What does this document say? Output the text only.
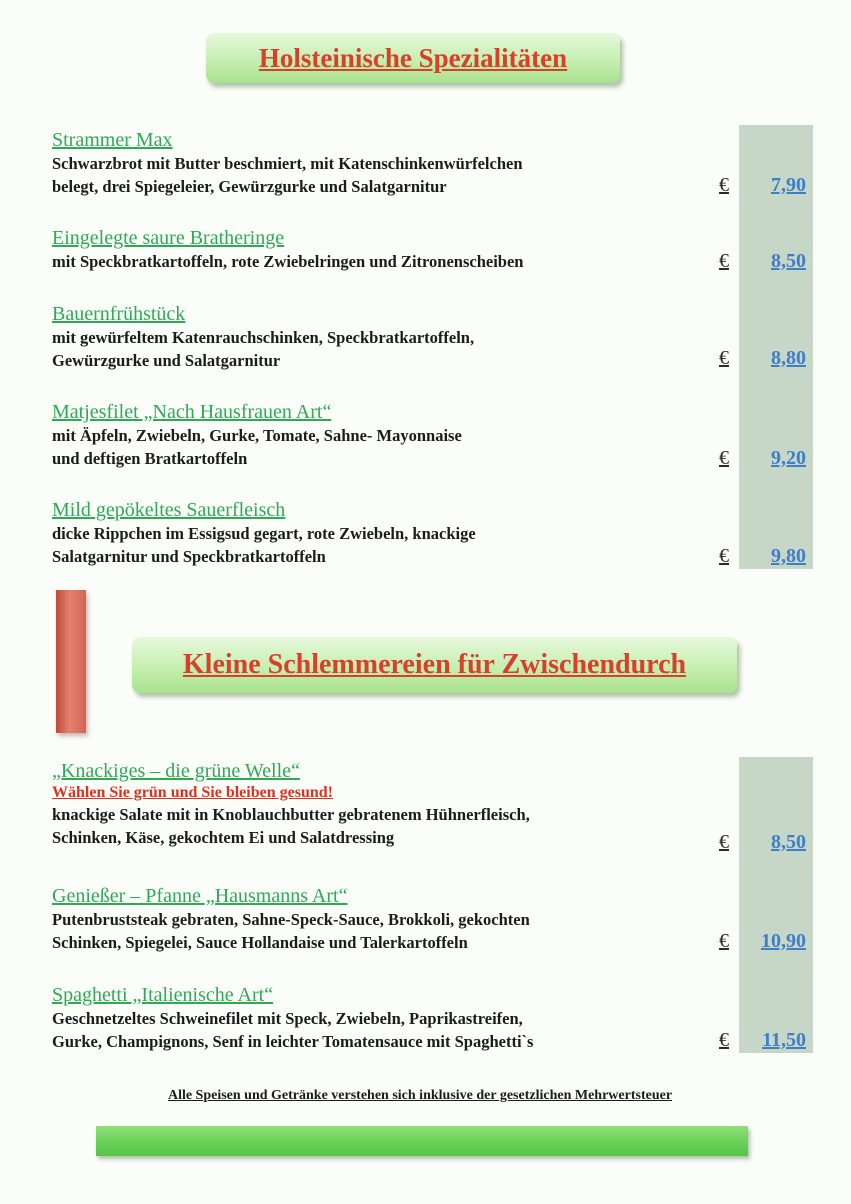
Holsteinische Spezialitäten
Strammer Max
Schwarzbrot mit Butter beschmiert, mit Katenschinkenwürfelchen
belegt, drei Spiegeleier, Gewürzgurke und Salatgarnitur	€	7,90
Eingelegte saure Bratheringe
mit Speckbratkartoffeln, rote Zwiebelringen und Zitronenscheiben	€	8,50
Bauernfrühstück
mit gewürfeltem Katenrauchschinken, Speckbratkartoffeln,
Gewürzgurke und Salatgarnitur	€	8,80
Matjesfilet „Nach Hausfrauen Art“
mit Äpfeln, Zwiebeln, Gurke, Tomate, Sahne- Mayonnaise
und deftigen Bratkartoffeln	€	9,20
Mild gepökeltes Sauerfleisch
dicke Rippchen im Essigsud gegart, rote Zwiebeln, knackige
Salatgarnitur und Speckbratkartoffeln	€	9,80
Kleine Schlemmereien für Zwischendurch
„Knackiges – die grüne Welle“
Wählen Sie grün und Sie bleiben gesund!
knackige Salate mit in Knoblauchbutter gebratenem Hühnerfleisch,
Schinken, Käse, gekochtem Ei und Salatdressing	€	8,50
Genießer – Pfanne „Hausmanns Art“
Putenbruststeak gebraten, Sahne-Speck-Sauce, Brokkoli, gekochten
Schinken, Spiegelei, Sauce Hollandaise und Talerkartoffeln	€	10,90
Spaghetti „Italienische Art“
Geschnetzeltes Schweinefilet mit Speck, Zwiebeln, Paprikastreifen,
Gurke, Champignons, Senf in leichter Tomatensauce mit Spaghetti`s	€	11,50
Alle Speisen und Getränke verstehen sich inklusive der gesetzlichen Mehrwertsteuer
